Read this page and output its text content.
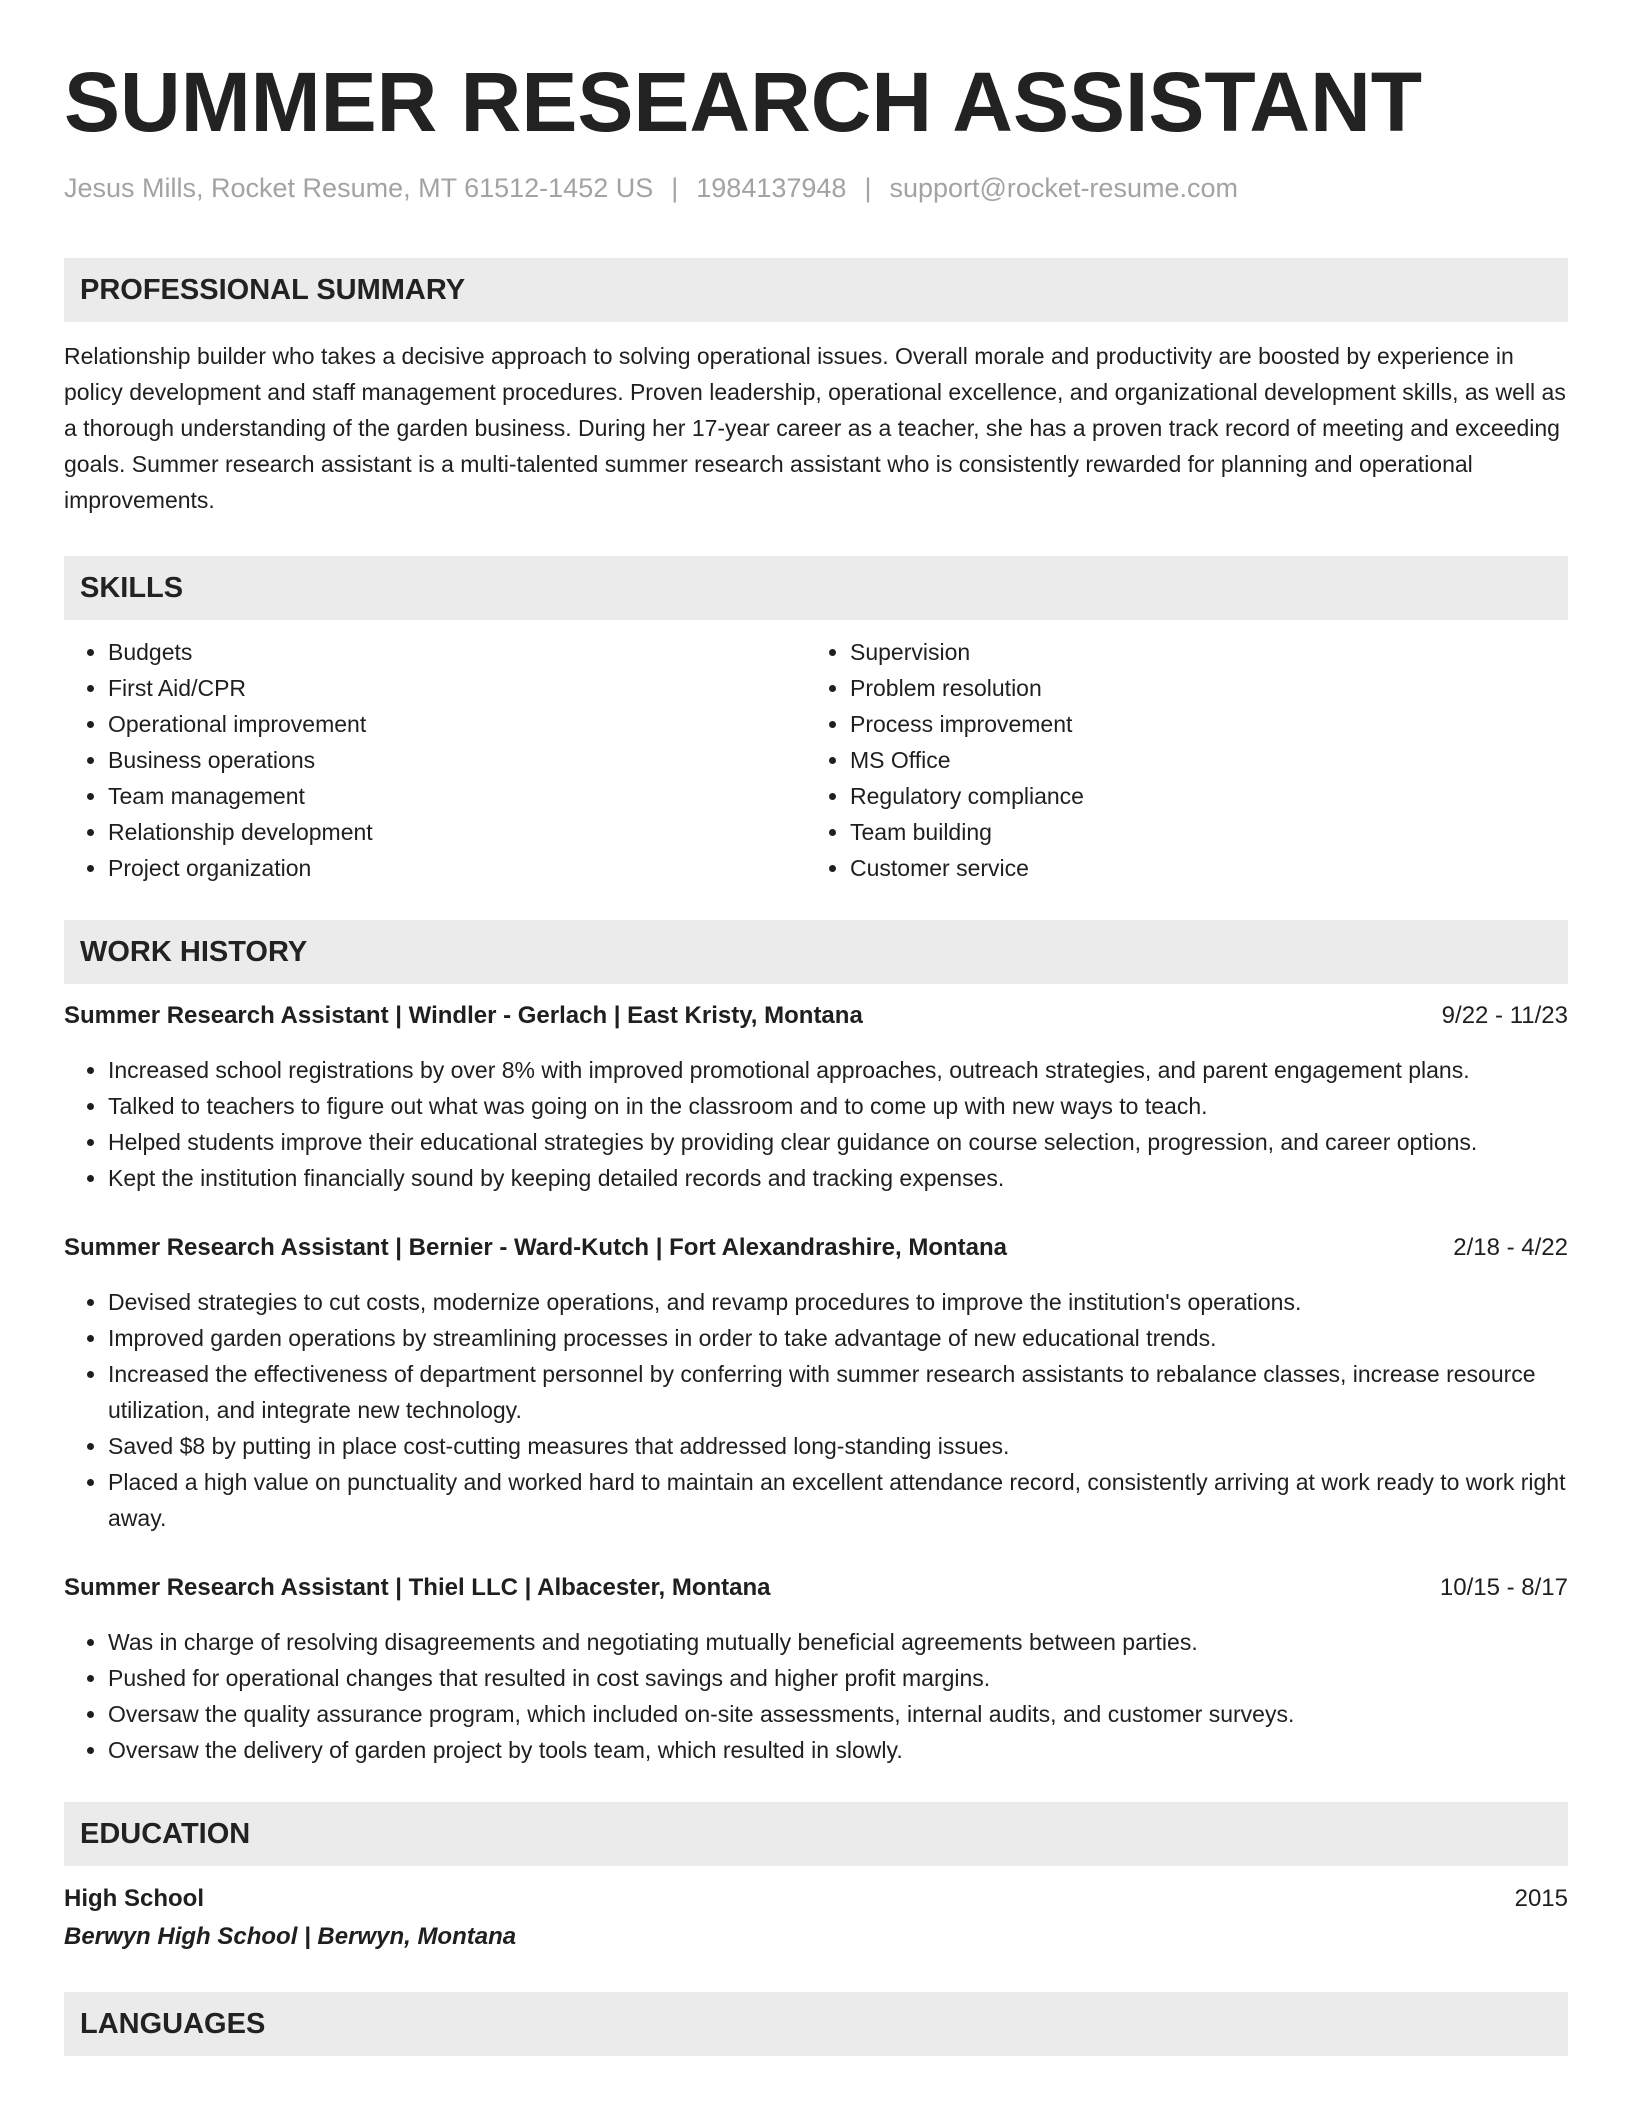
SUMMER RESEARCH ASSISTANT
Jesus Mills, Rocket Resume, MT 61512-1452 US | 1984137948 | support@rocket-resume.com
PROFESSIONAL SUMMARY
Relationship builder who takes a decisive approach to solving operational issues. Overall morale and productivity are boosted by experience in policy development and staff management procedures. Proven leadership, operational excellence, and organizational development skills, as well as a thorough understanding of the garden business. During her 17-year career as a teacher, she has a proven track record of meeting and exceeding goals. Summer research assistant is a multi-talented summer research assistant who is consistently rewarded for planning and operational improvements.
SKILLS
• Budgets
• First Aid/CPR
• Operational improvement
• Business operations
• Team management
• Relationship development
• Project organization
• Supervision
• Problem resolution
• Process improvement
• MS Office
• Regulatory compliance
• Team building
• Customer service
WORK HISTORY
Summer Research Assistant | Windler - Gerlach | East Kristy, Montana	9/22 - 11/23
• Increased school registrations by over 8% with improved promotional approaches, outreach strategies, and parent engagement plans.
• Talked to teachers to figure out what was going on in the classroom and to come up with new ways to teach.
• Helped students improve their educational strategies by providing clear guidance on course selection, progression, and career options.
• Kept the institution financially sound by keeping detailed records and tracking expenses.
Summer Research Assistant | Bernier - Ward-Kutch | Fort Alexandrashire, Montana	2/18 - 4/22
• Devised strategies to cut costs, modernize operations, and revamp procedures to improve the institution's operations.
• Improved garden operations by streamlining processes in order to take advantage of new educational trends.
• Increased the effectiveness of department personnel by conferring with summer research assistants to rebalance classes, increase resource utilization, and integrate new technology.
• Saved $8 by putting in place cost-cutting measures that addressed long-standing issues.
• Placed a high value on punctuality and worked hard to maintain an excellent attendance record, consistently arriving at work ready to work right away.
Summer Research Assistant | Thiel LLC | Albacester, Montana	10/15 - 8/17
• Was in charge of resolving disagreements and negotiating mutually beneficial agreements between parties.
• Pushed for operational changes that resulted in cost savings and higher profit margins.
• Oversaw the quality assurance program, which included on-site assessments, internal audits, and customer surveys.
• Oversaw the delivery of garden project by tools team, which resulted in slowly.
EDUCATION
High School	2015
Berwyn High School | Berwyn, Montana
LANGUAGES
